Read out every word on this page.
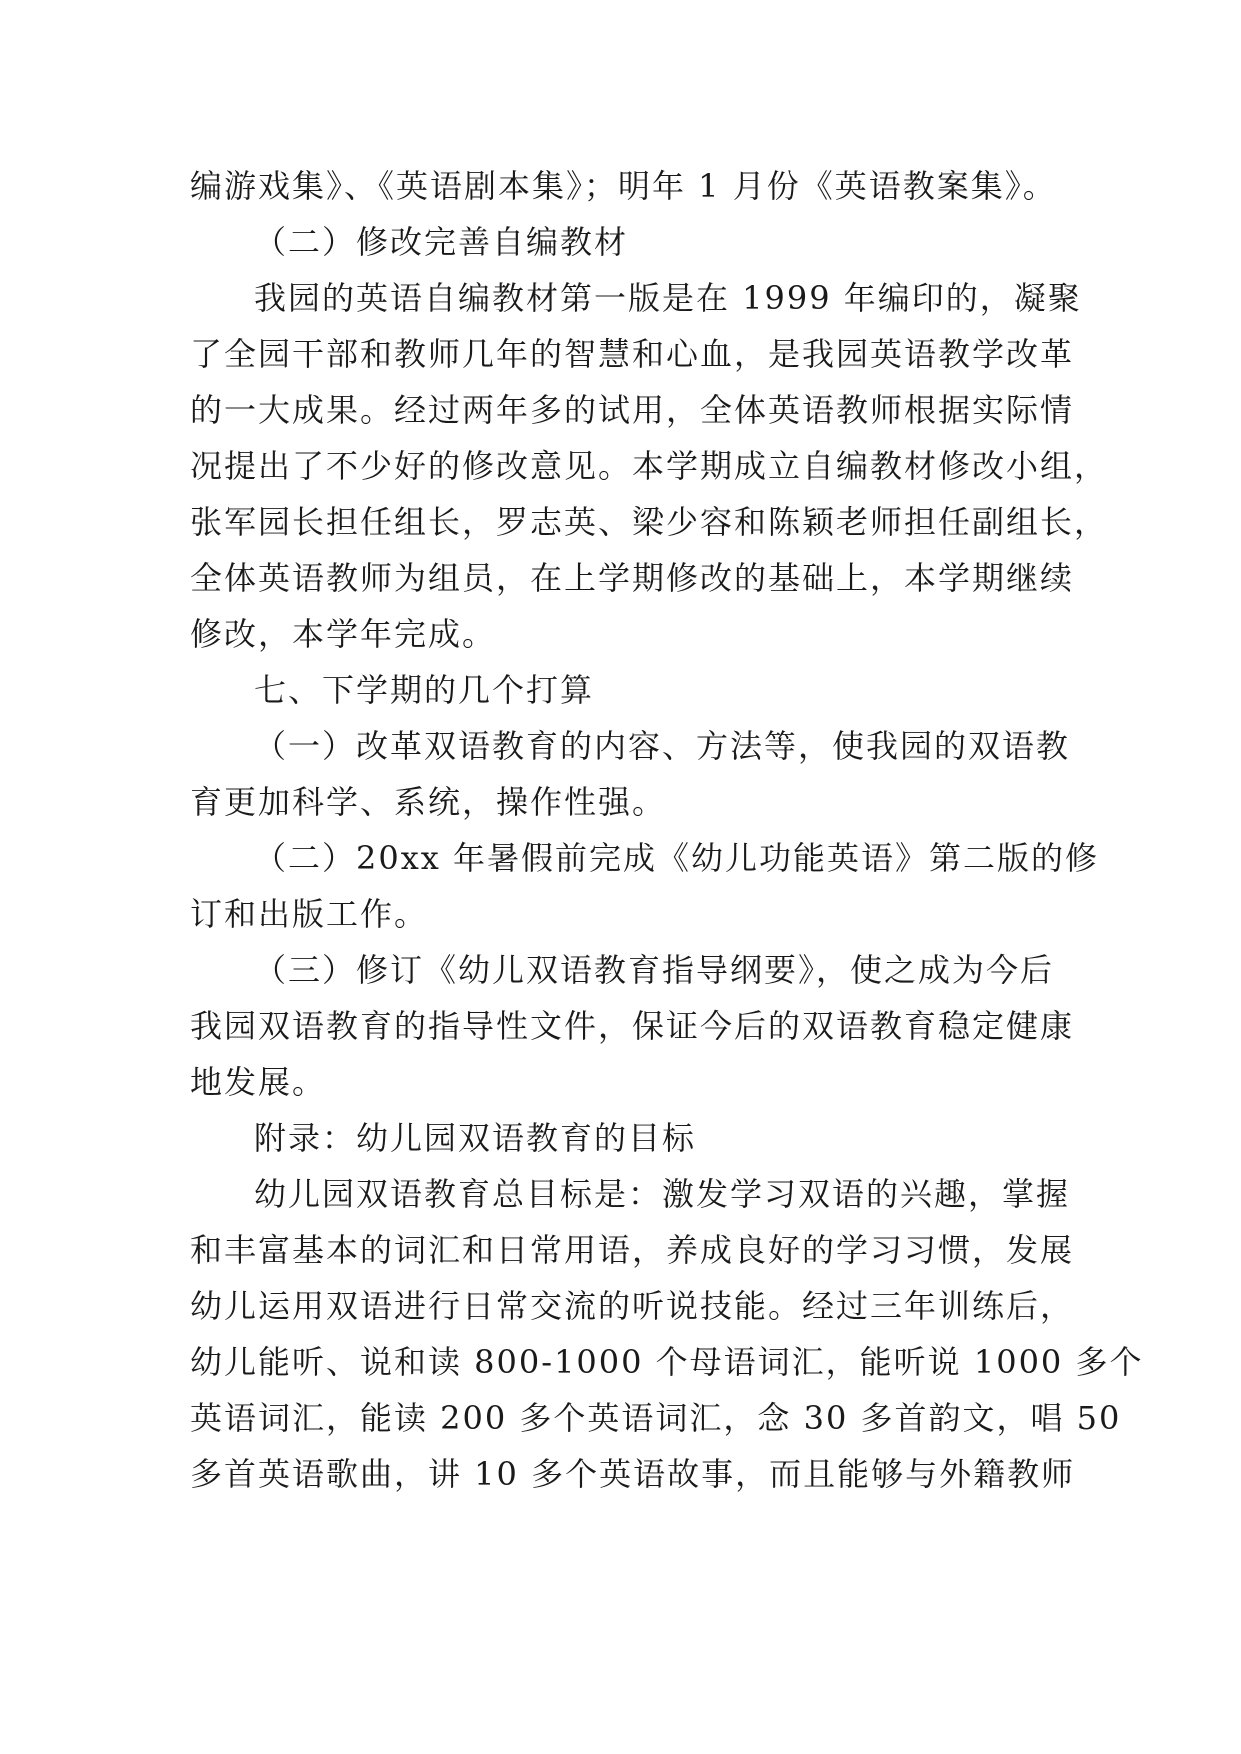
编游戏集》、《英语剧本集》；明年 1 月份《英语教案集》。
（二）修改完善自编教材
我园的英语自编教材第一版是在 1999 年编印的，凝聚
了全园干部和教师几年的智慧和心血，是我园英语教学改革
的一大成果。经过两年多的试用，全体英语教师根据实际情
况提出了不少好的修改意见。本学期成立自编教材修改小组，
张军园长担任组长，罗志英、梁少容和陈颖老师担任副组长，
全体英语教师为组员，在上学期修改的基础上，本学期继续
修改，本学年完成。
七、下学期的几个打算
（一）改革双语教育的内容、方法等，使我园的双语教
育更加科学、系统，操作性强。
（二）20xx 年暑假前完成《幼儿功能英语》第二版的修
订和出版工作。
（三）修订《幼儿双语教育指导纲要》，使之成为今后
我园双语教育的指导性文件，保证今后的双语教育稳定健康
地发展。
附录：幼儿园双语教育的目标
幼儿园双语教育总目标是：激发学习双语的兴趣，掌握
和丰富基本的词汇和日常用语，养成良好的学习习惯，发展
幼儿运用双语进行日常交流的听说技能。经过三年训练后，
幼儿能听、说和读 800-1000 个母语词汇，能听说 1000 多个
英语词汇，能读 200 多个英语词汇，念 30 多首韵文，唱 50
多首英语歌曲，讲 10 多个英语故事，而且能够与外籍教师
